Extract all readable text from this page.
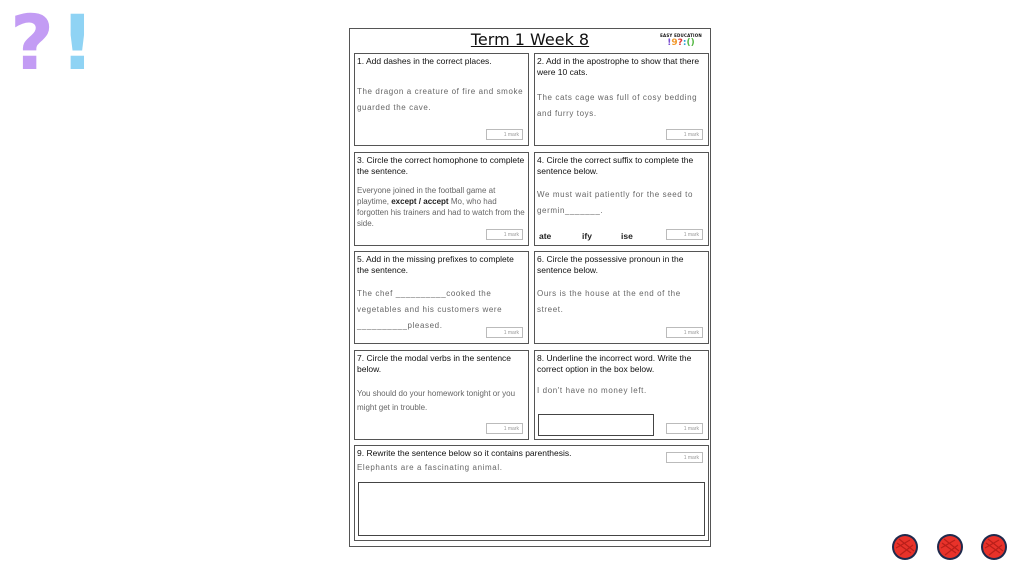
? !	Term 1 Week 8	EASY EDUCATION
!9?:()
1. Add dashes in the correct places.
The dragon a creature of fire and smoke guarded the cave.
1 mark
2. Add in the apostrophe to show that there were 10 cats.
The cats cage was full of cosy bedding and furry toys.
1 mark
3. Circle the correct homophone to complete the sentence.
Everyone joined in the football game at playtime, except / accept Mo, who had forgotten his trainers and had to watch from the side.
1 mark
4. Circle the correct suffix to complete the sentence below.
We must wait patiently for the seed to germin_______.
ate	ify	ise	1 mark
5. Add in the missing prefixes to complete the sentence.
The chef __________cooked the vegetables and his customers were __________pleased.
1 mark
6. Circle the possessive pronoun in the sentence below.
Ours is the house at the end of the street.
1 mark
7. Circle the modal verbs in the sentence below.
You should do your homework tonight or you might get in trouble.
1 mark
8. Underline the incorrect word. Write the correct option in the box below.
I don't have no money left.
1 mark
9. Rewrite the sentence below so it contains parenthesis.
Elephants are a fascinating animal.
1 mark
